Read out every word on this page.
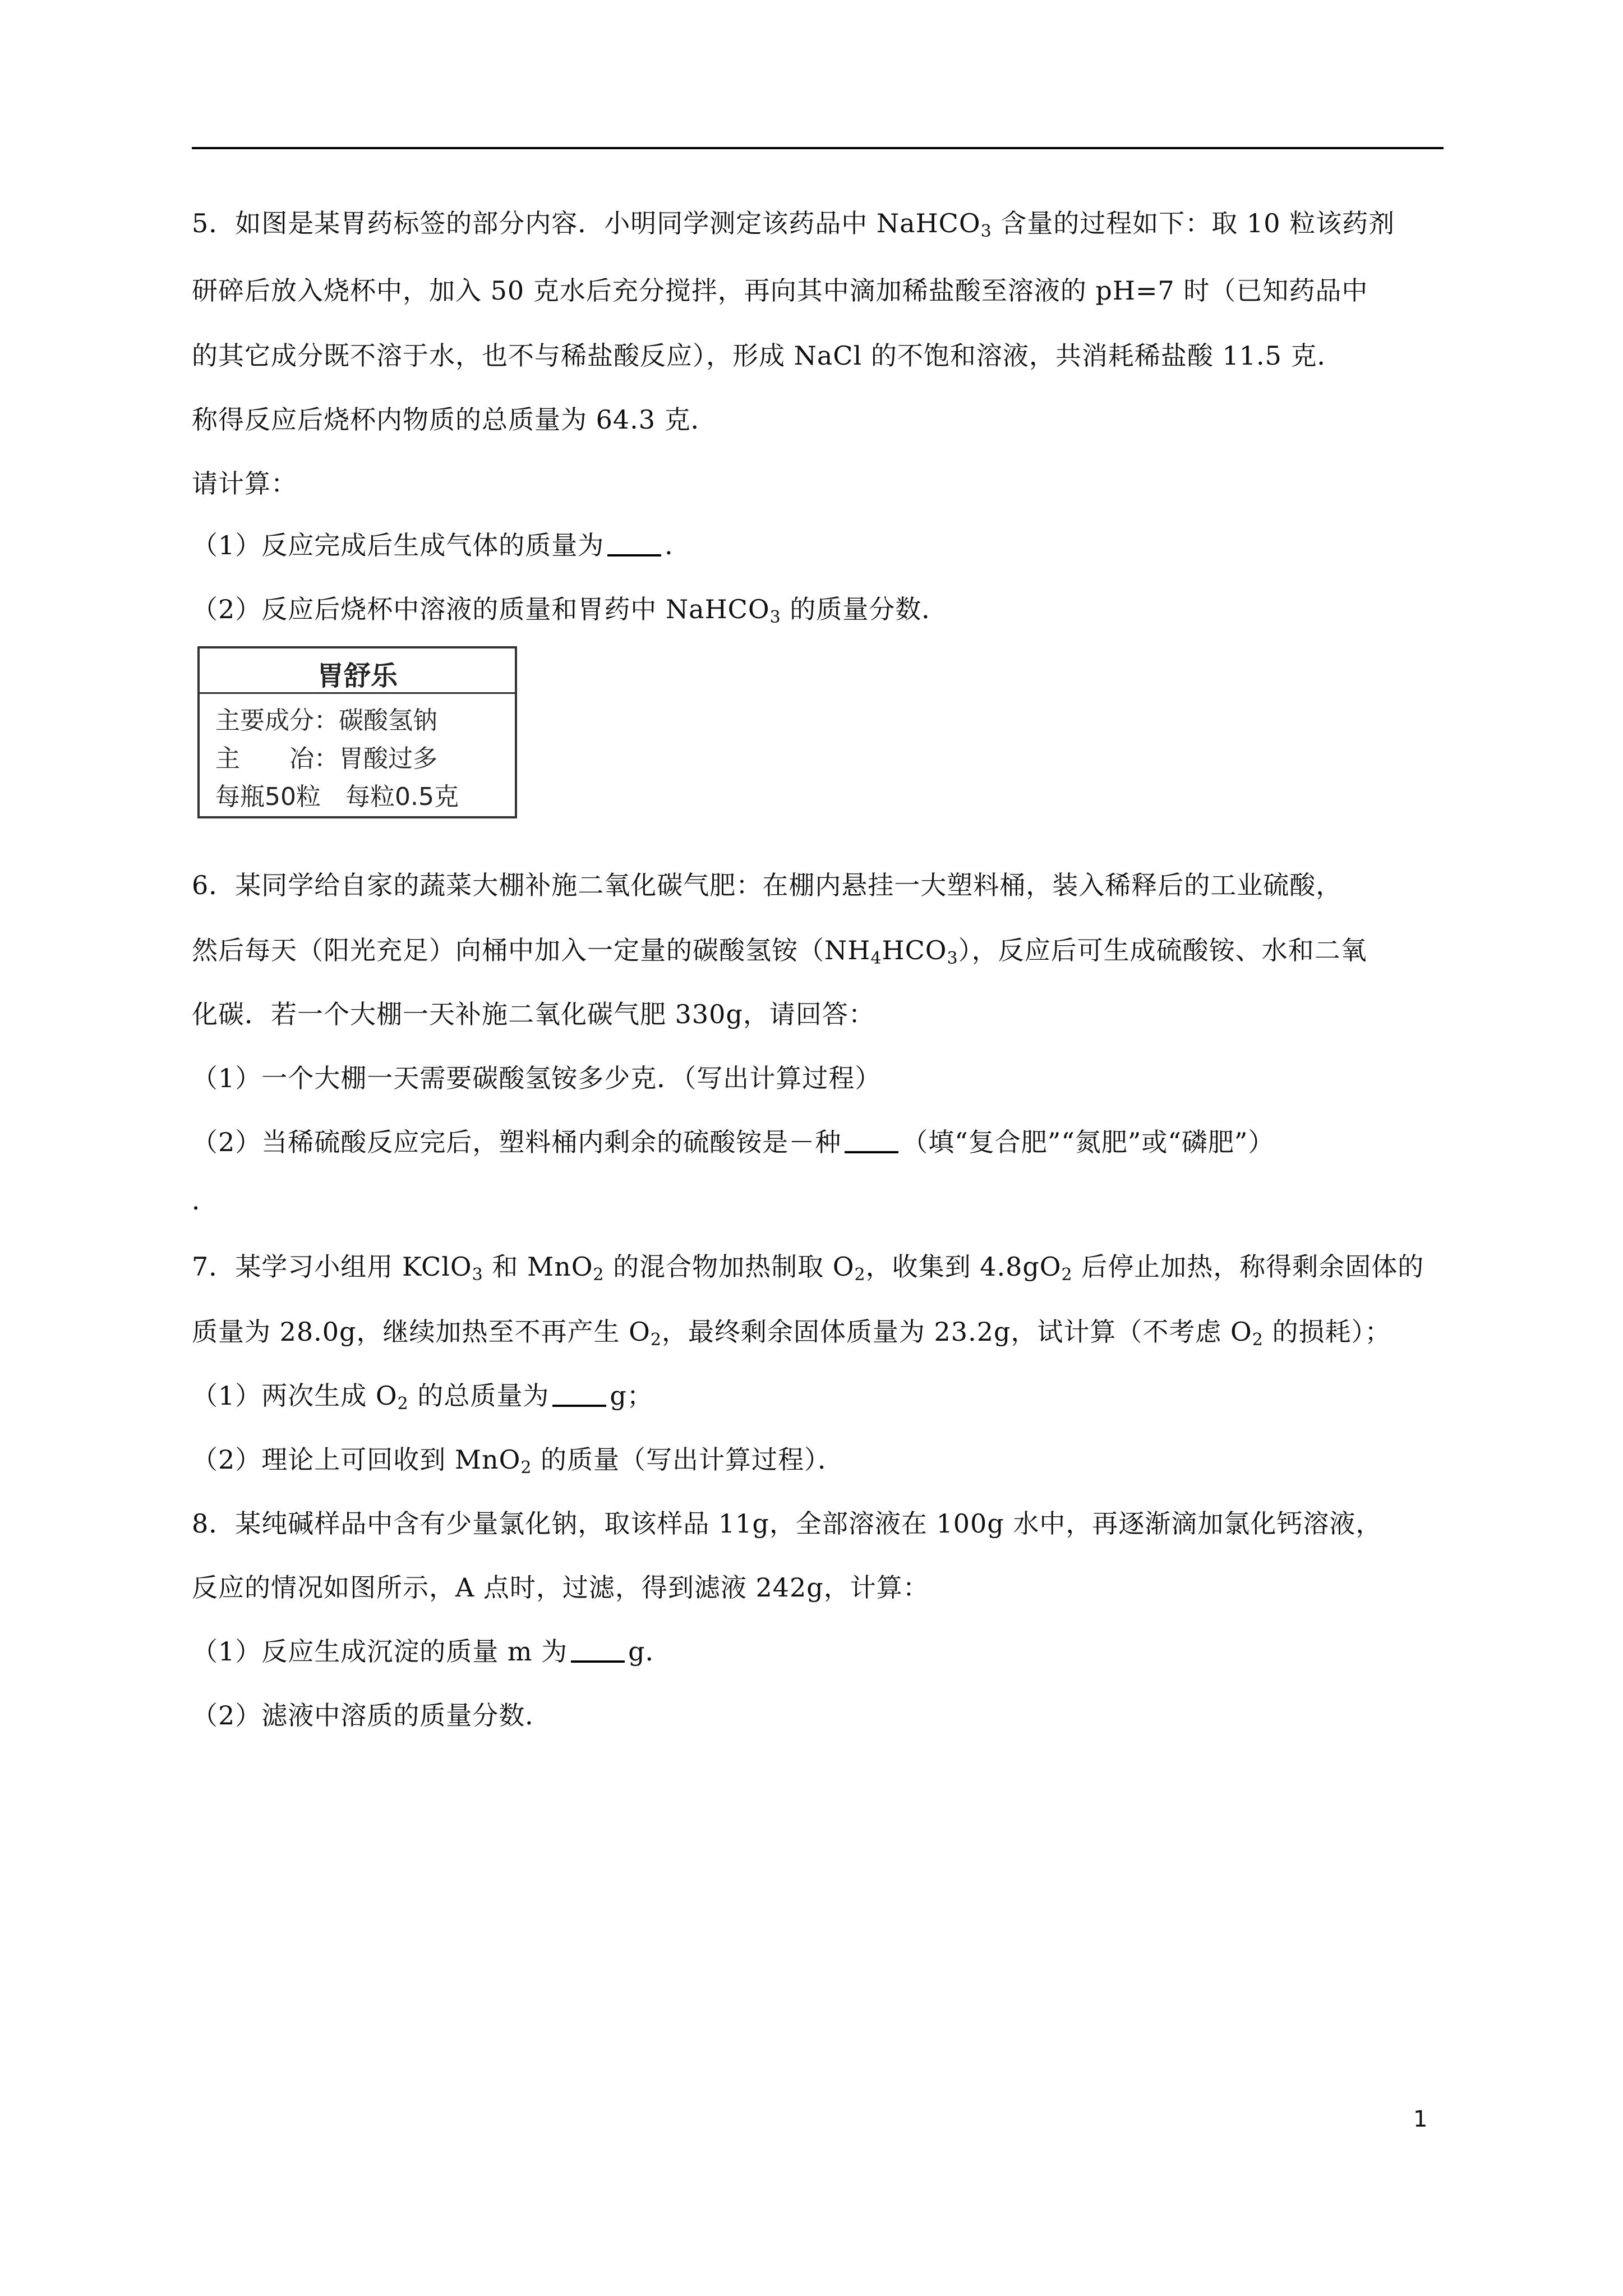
5．如图是某胃药标签的部分内容．小明同学测定该药品中 NaHCO$_3$ 含量的过程如下：取 10 粒该药剂
研碎后放入烧杯中，加入 50 克水后充分搅拌，再向其中滴加稀盐酸至溶液的 pH=7 时（已知药品中
的其它成分既不溶于水，也不与稀盐酸反应），形成 NaCl 的不饱和溶液，共消耗稀盐酸 11.5 克．
称得反应后烧杯内物质的总质量为 64.3 克．
请计算：
（1）反应完成后生成气体的质量为 ．
（2）反应后烧杯中溶液的质量和胃药中 NaHCO$_3$ 的质量分数．
胃舒乐
主要成分：碳酸氢钠
主　　冶：胃酸过多
每瓶50粒　每粒0.5克
6．某同学给自家的蔬菜大棚补施二氧化碳气肥：在棚内悬挂一大塑料桶，装入稀释后的工业硫酸，
然后每天（阳光充足）向桶中加入一定量的碳酸氢铵$(NH_4HCO_3)$，反应后可生成硫酸铵、水和二氧
化碳．若一个大棚一天补施二氧化碳气肥 330g，请回答：
（1）一个大棚一天需要碳酸氢铵多少克．（写出计算过程）
（2）当稀硫酸反应完后，塑料桶内剩余的硫酸铵是－种 （填“复合肥”“氮肥”或“磷肥”）
．
7．某学习小组用 KClO$_3$ 和 MnO$_2$ 的混合物加热制取 $O_2$，收集到 $4.8gO_2$ 后停止加热，称得剩余固体的
质量为 28.0g，继续加热至不再产生 $O_2$，最终剩余固体质量为 23.2g，试计算（不考虑 $O_2$ 的损耗）；
（1）两次生成 $O_2$ 的总质量为 g；
（2）理论上可回收到 MnO$_2$ 的质量（写出计算过程）．
8．某纯碱样品中含有少量氯化钠，取该样品 11g，全部溶液在 100g 水中，再逐渐滴加氯化钙溶液，
反应的情况如图所示，A 点时，过滤，得到滤液 242g，计算：
（1）反应生成沉淀的质量 m 为 g．
（2）滤液中溶质的质量分数．
1
